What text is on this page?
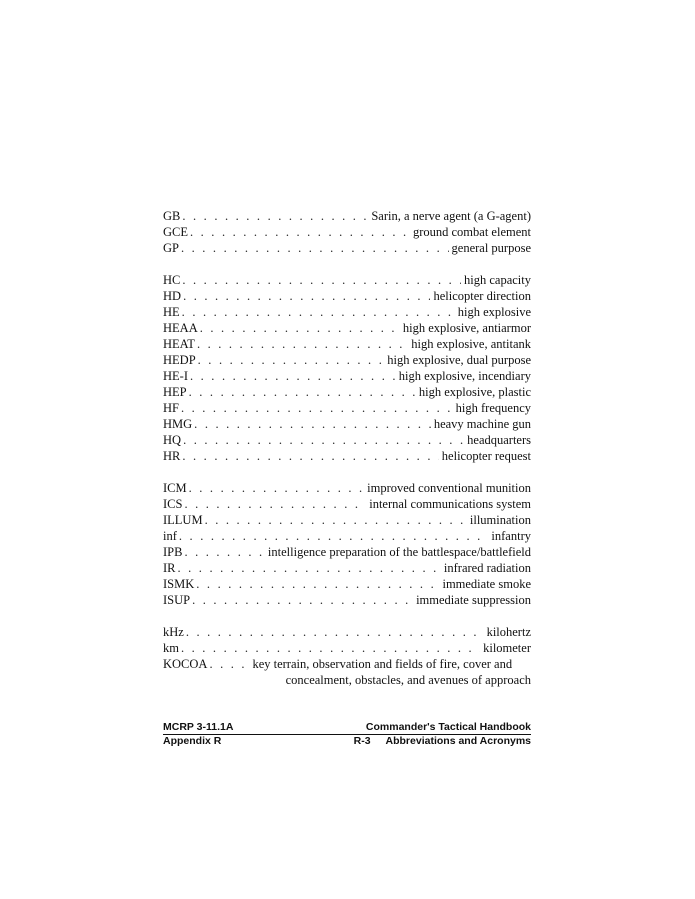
GB . . .	Sarin, a nerve agent (a G-agent)
GCE . . .	ground combat element
GP . . .	general purpose
HC . . .	high capacity
HD . . .	helicopter direction
HE . . .	high explosive
HEAA . . .	high explosive, antiarmor
HEAT . . .	high explosive, antitank
HEDP . . .	high explosive, dual purpose
HE-I . . .	high explosive, incendiary
HEP . . .	high explosive, plastic
HF . . .	high frequency
HMG . . .	heavy machine gun
HQ . . .	headquarters
HR . . .	helicopter request
ICM . . .	improved conventional munition
ICS . . .	internal communications system
ILLUM . . .	illumination
inf . . .	infantry
IPB . . .	intelligence preparation of the battlespace/battlefield
IR . . .	infrared radiation
ISMK . . .	immediate smoke
ISUP . . .	immediate suppression
kHz . . .	kilohertz
km . . .	kilometer
KOCOA . . .	key terrain, observation and fields of fire, cover and
concealment, obstacles, and avenues of approach
MCRP 3-11.1A	Commander's Tactical Handbook
Appendix R	R-3 Abbreviations and Acronyms
